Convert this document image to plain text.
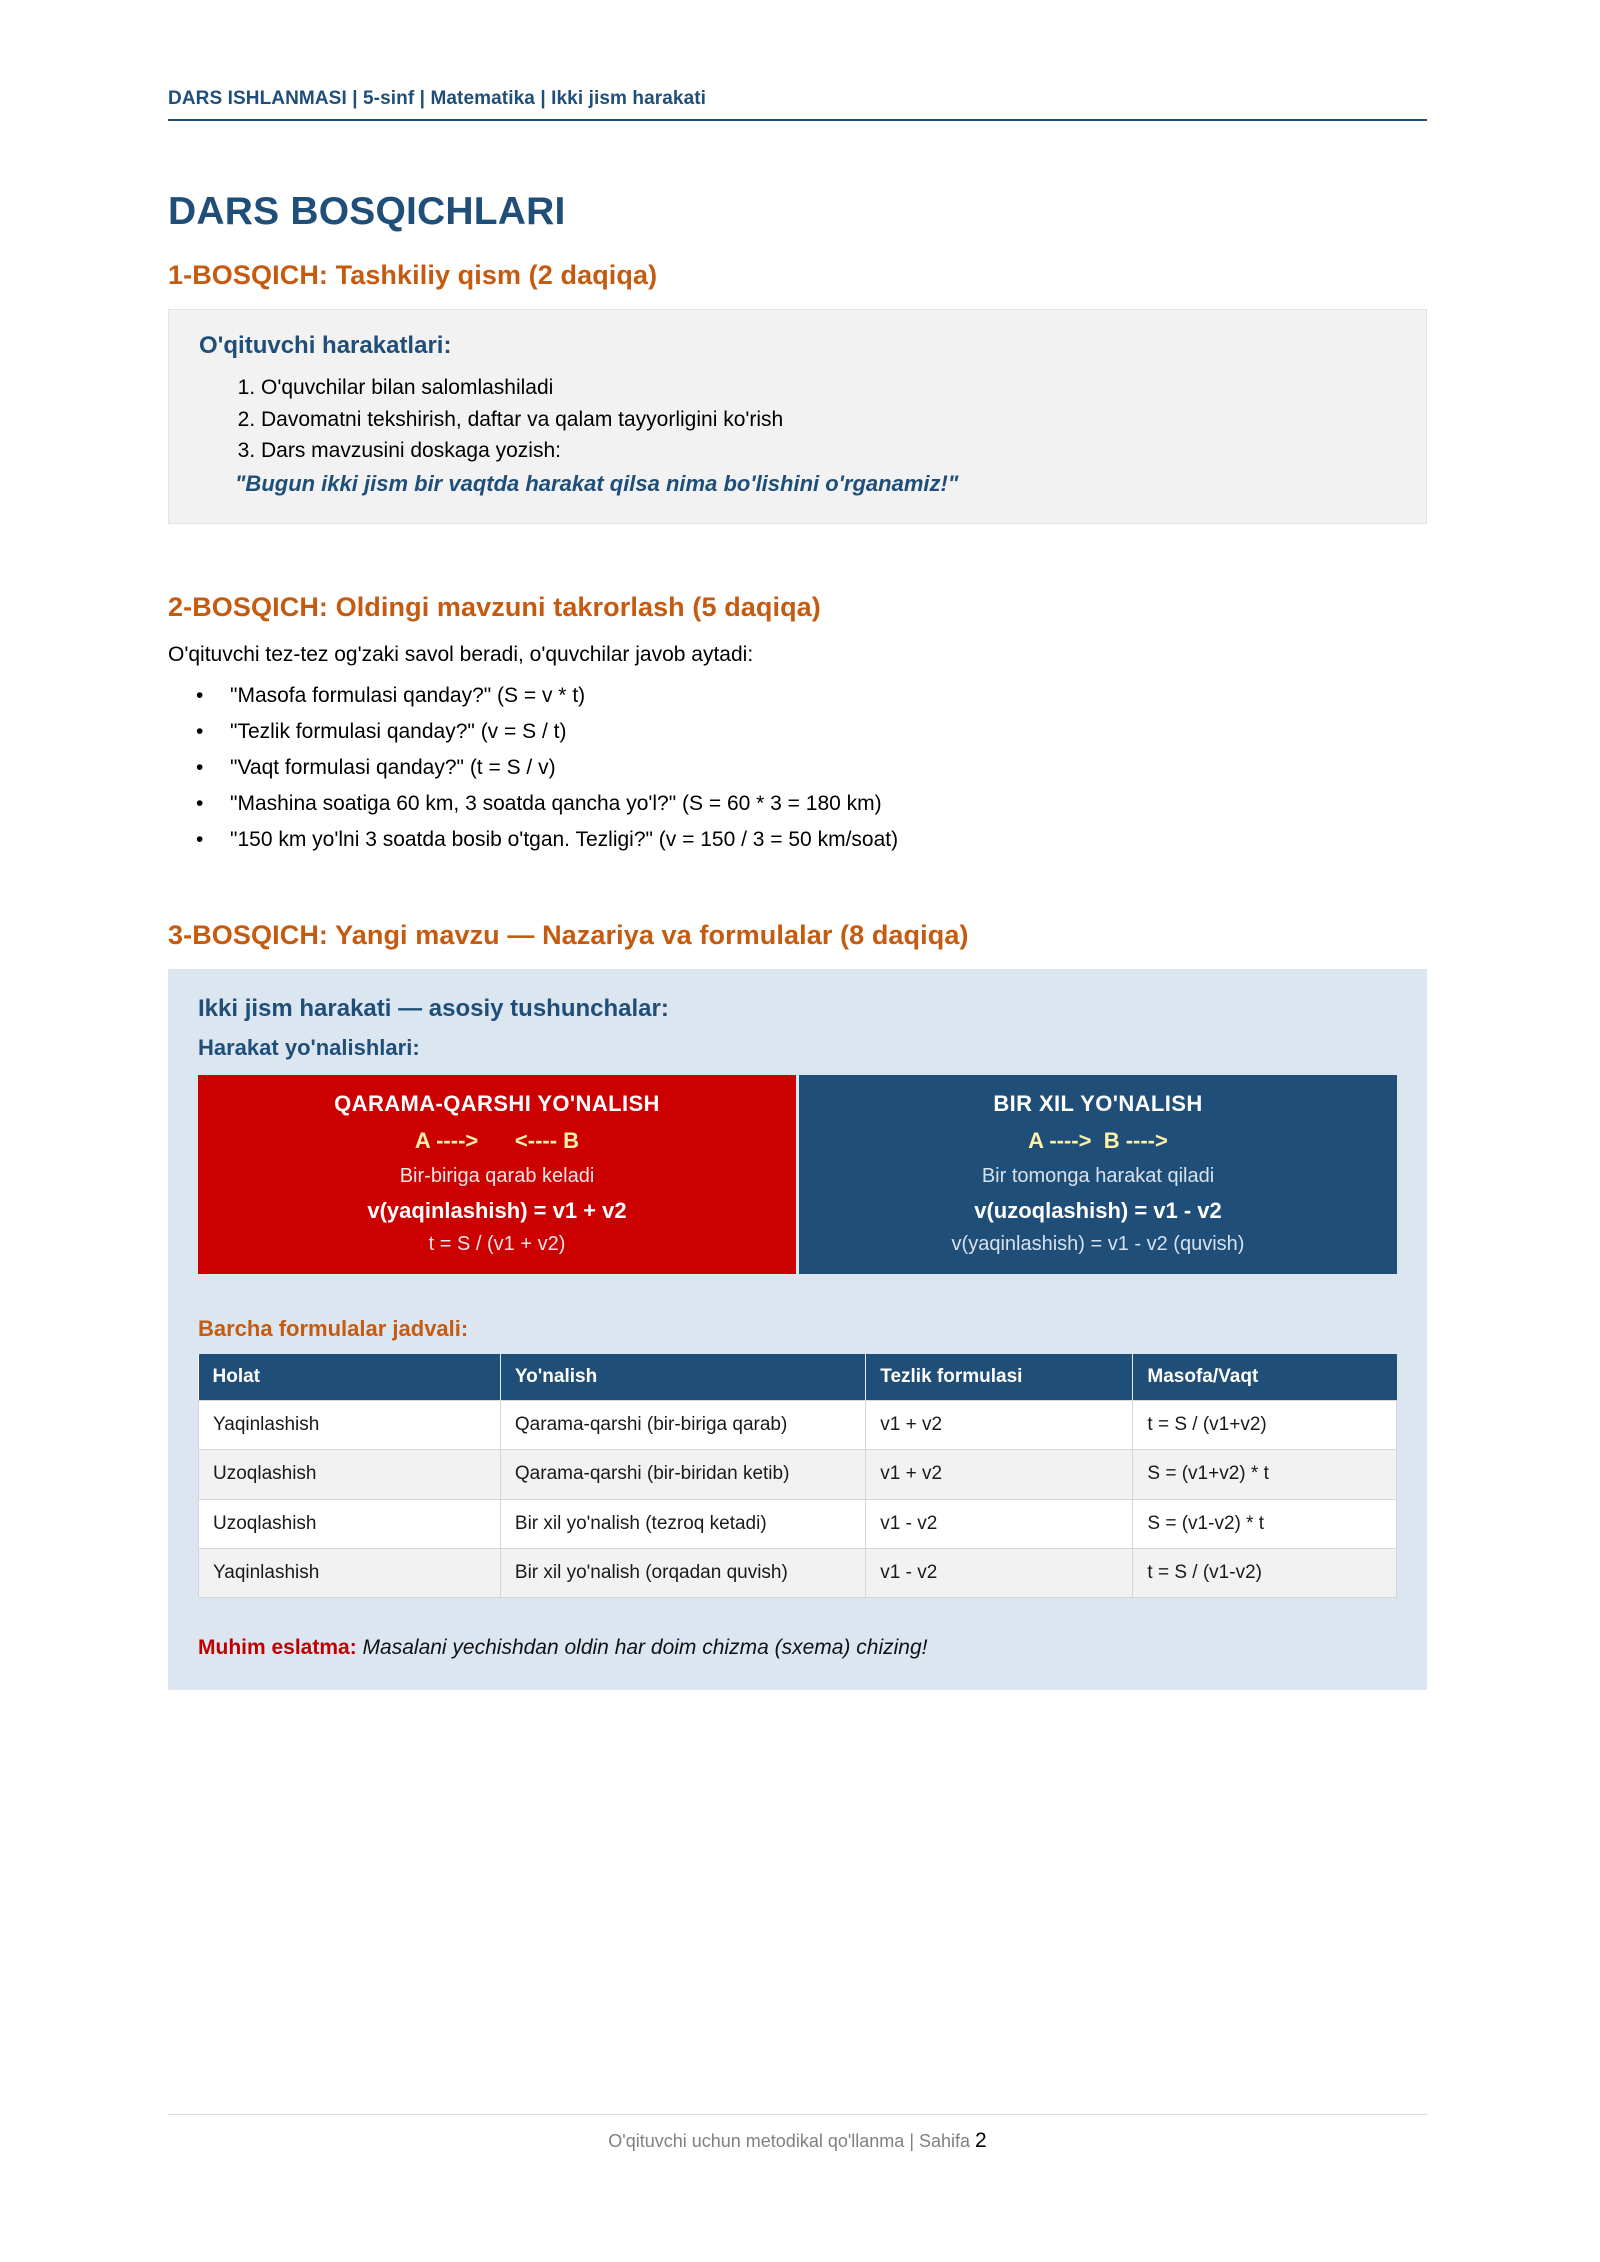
DARS ISHLANMASI | 5-sinf | Matematika | Ikki jism harakati
DARS BOSQICHLARI
1-BOSQICH: Tashkiliy qism (2 daqiqa)
O'qituvchi harakatlari:
1. O'quvchilar bilan salomlashiladi
2. Davomatni tekshirish, daftar va qalam tayyorligini ko'rish
3. Dars mavzusini doskaga yozish:
"Bugun ikki jism bir vaqtda harakat qilsa nima bo'lishini o'rganamiz!"
2-BOSQICH: Oldingi mavzuni takrorlash (5 daqiqa)

O'qituvchi tez-tez og'zaki savol beradi, o'quvchilar javob aytadi:

• "Masofa formulasi qanday?" (S = v * t)
• "Tezlik formulasi qanday?" (v = S / t)
• "Vaqt formulasi qanday?" (t = S / v)
• "Mashina soatiga 60 km, 3 soatda qancha yo'l?" (S = 60 * 3 = 180 km)
• "150 km yo'lni 3 soatda bosib o'tgan. Tezligi?" (v = 150 / 3 = 50 km/soat)
3-BOSQICH: Yangi mavzu — Nazariya va formulalar (8 daqiqa)
Ikki jism harakati — asosiy tushunchalar:
Harakat yo'nalishlari:
QARAMA-QARSHI YO'NALISH
A ---->      <---- B
Bir-biriga qarab keladi
v(yaqinlashish) = v1 + v2
t = S / (v1 + v2)
BIR XIL YO'NALISH
A ---->  B ---->
Bir tomonga harakat qiladi
v(uzoqlashish) = v1 - v2
v(yaqinlashish) = v1 - v2 (quvish)
Barcha formulalar jadvali:
Holat	Yo'nalish	Tezlik formulasi	Masofa/Vaqt
Yaqinlashish	Qarama-qarshi (bir-biriga qarab)	v1 + v2	t = S / (v1+v2)
Uzoqlashish	Qarama-qarshi (bir-biridan ketib)	v1 + v2	S = (v1+v2) * t
Uzoqlashish	Bir xil yo'nalish (tezroq ketadi)	v1 - v2	S = (v1-v2) * t
Yaqinlashish	Bir xil yo'nalish (orqadan quvish)	v1 - v2	t = S / (v1-v2)
Muhim eslatma: Masalani yechishdan oldin har doim chizma (sxema) chizing!
O'qituvchi uchun metodikal qo'llanma | Sahifa 2
